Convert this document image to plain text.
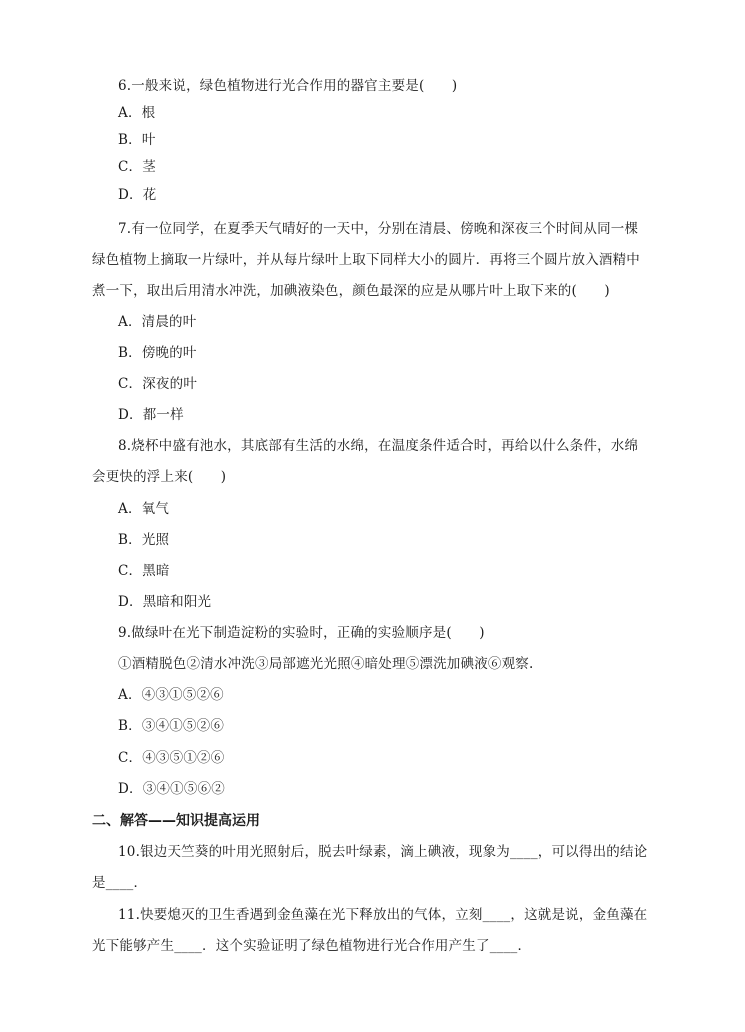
6.一般来说，绿色植物进行光合作用的器官主要是(　　)
A．根
B．叶
C．茎
D．花
7.有一位同学，在夏季天气晴好的一天中，分别在清晨、傍晚和深夜三个时间从同一棵
绿色植物上摘取一片绿叶，并从每片绿叶上取下同样大小的圆片．再将三个圆片放入酒精中
煮一下，取出后用清水冲洗，加碘液染色，颜色最深的应是从哪片叶上取下来的(　　)
A．清晨的叶
B．傍晚的叶
C．深夜的叶
D．都一样
8.烧杯中盛有池水，其底部有生活的水绵，在温度条件适合时，再给以什么条件，水绵
会更快的浮上来(　　)
A．氧气
B．光照
C．黑暗
D．黑暗和阳光
9.做绿叶在光下制造淀粉的实验时，正确的实验顺序是(　　)
①酒精脱色②清水冲洗③局部遮光光照④暗处理⑤漂洗加碘液⑥观察.
A．④③①⑤②⑥
B．③④①⑤②⑥
C．④③⑤①②⑥
D．③④①⑤⑥②
二、解答——知识提高运用
10.银边天竺葵的叶用光照射后，脱去叶绿素，滴上碘液，现象为____，可以得出的结论
是____．
11.快要熄灭的卫生香遇到金鱼藻在光下释放出的气体，立刻____，这就是说，金鱼藻在
光下能够产生____．这个实验证明了绿色植物进行光合作用产生了____．
